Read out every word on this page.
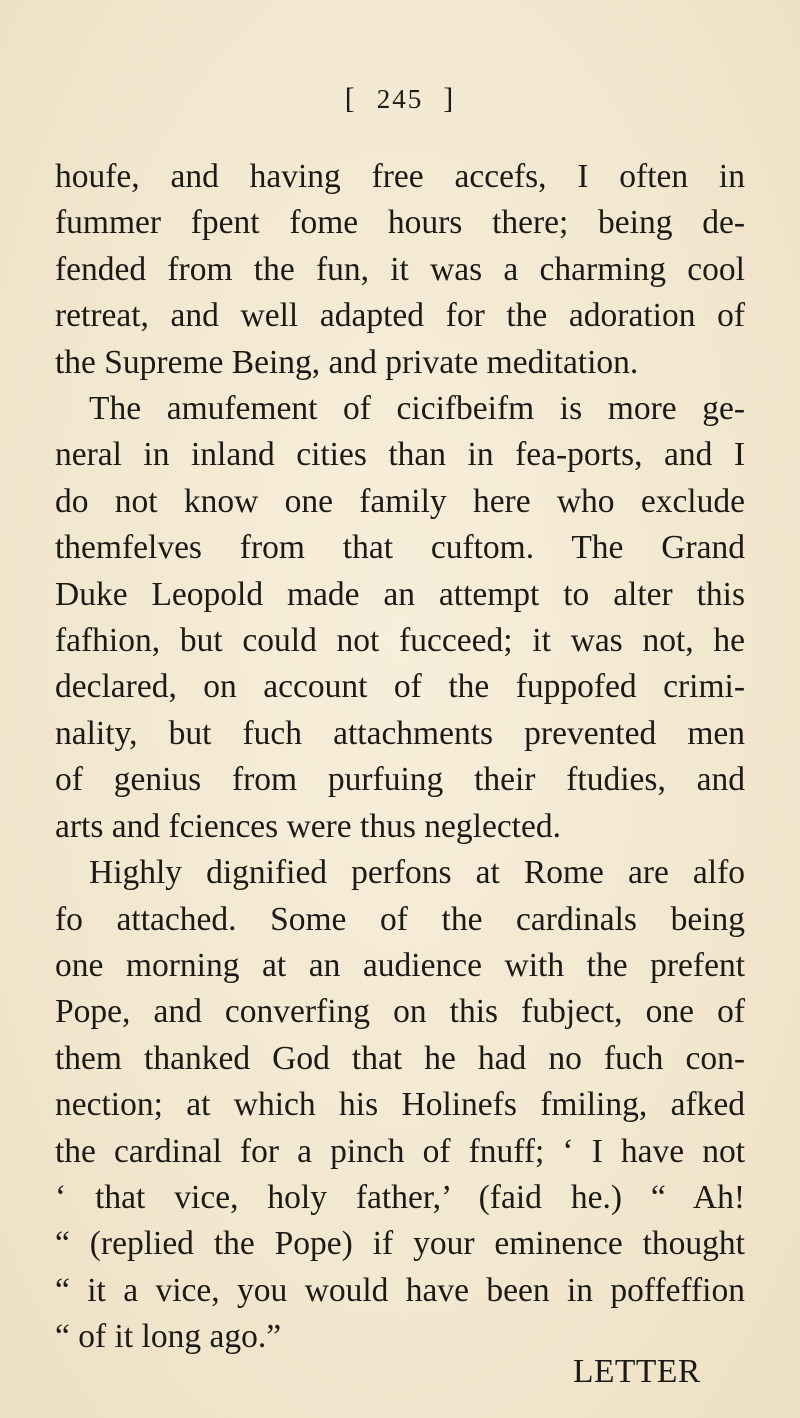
[ 245 ]
houfe, and having free accefs, I often in
fummer fpent fome hours there; being de-
fended from the fun, it was a charming cool
retreat, and well adapted for the adoration of
the Supreme Being, and private meditation.
The amufement of cicifbeifm is more ge-
neral in inland cities than in fea-ports, and I
do not know one family here who exclude
themfelves from that cuftom. The Grand
Duke Leopold made an attempt to alter this
fafhion, but could not fucceed; it was not, he
declared, on account of the fuppofed crimi-
nality, but fuch attachments prevented men
of genius from purfuing their ftudies, and
arts and fciences were thus neglected.
Highly dignified perfons at Rome are alfo
fo attached. Some of the cardinals being
one morning at an audience with the prefent
Pope, and converfing on this fubject, one of
them thanked God that he had no fuch con-
nection; at which his Holinefs fmiling, afked
the cardinal for a pinch of fnuff; ‘ I have not
‘ that vice, holy father,’ (faid he.) “ Ah!
“ (replied the Pope) if your eminence thought
“ it a vice, you would have been in poffeffion
“ of it long ago.”
LETTER
